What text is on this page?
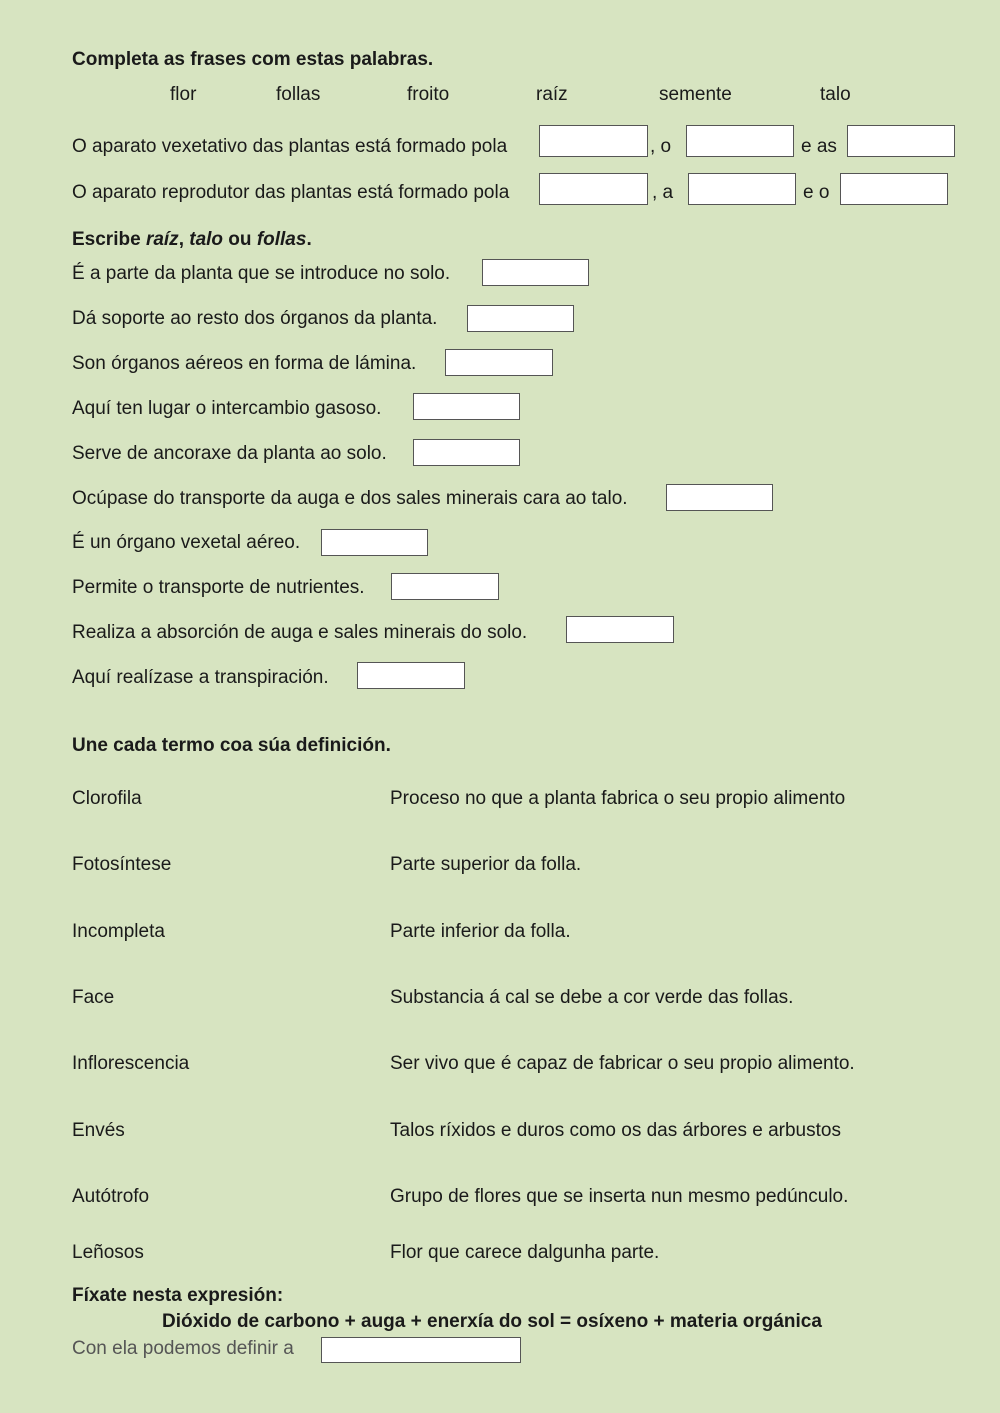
Completa as frases com estas palabras.
flor	follas	froito	raíz	semente	talo
O aparato vexetativo das plantas está formado pola	, o	e as
O aparato reprodutor das plantas está formado pola	, a	e o
Escribe raíz, talo ou follas.
É a parte da planta que se introduce no solo.
Dá soporte ao resto dos órganos da planta.
Son órganos aéreos en forma de lámina.
Aquí ten lugar o intercambio gasoso.
Serve de ancoraxe da planta ao solo.
Ocúpase do transporte da auga e dos sales minerais cara ao talo.
É un órgano vexetal aéreo.
Permite o transporte de nutrientes.
Realiza a absorción de auga e sales minerais do solo.
Aquí realízase a transpiración.
Une cada termo coa súa definición.
Clorofila	Proceso no que a planta fabrica o seu propio alimento
Fotosíntese	Parte superior da folla.
Incompleta	Parte inferior da folla.
Face	Substancia á cal se debe a cor verde das follas.
Inflorescencia	Ser vivo que é capaz de fabricar o seu propio alimento.
Envés	Talos ríxidos e duros como os das árbores e arbustos
Autótrofo	Grupo de flores que se inserta nun mesmo pedúnculo.
Leñosos	Flor que carece dalgunha parte.
Fíxate nesta expresión:
Dióxido de carbono + auga + enerxía do sol = osíxeno + materia orgánica
Con ela podemos definir a
